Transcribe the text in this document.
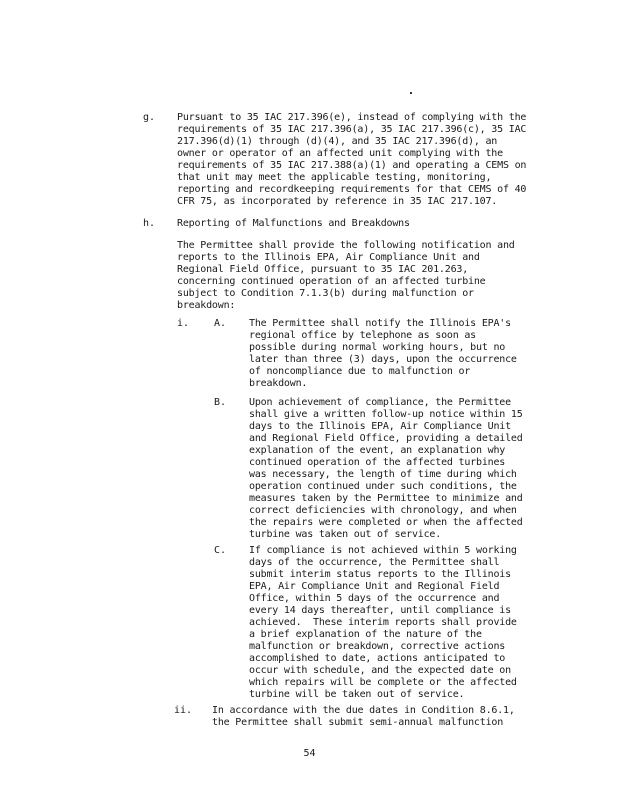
g. Pursuant to 35 IAC 217.396(e), instead of complying with the
requirements of 35 IAC 217.396(a), 35 IAC 217.396(c), 35 IAC
217.396(d)(1) through (d)(4), and 35 IAC 217.396(d), an
owner or operator of an affected unit complying with the
requirements of 35 IAC 217.388(a)(1) and operating a CEMS on
that unit may meet the applicable testing, monitoring,
reporting and recordkeeping requirements for that CEMS of 40
CFR 75, as incorporated by reference in 35 IAC 217.107.
h. Reporting of Malfunctions and Breakdowns
The Permittee shall provide the following notification and
reports to the Illinois EPA, Air Compliance Unit and
Regional Field Office, pursuant to 35 IAC 201.263,
concerning continued operation of an affected turbine
subject to Condition 7.1.3(b) during malfunction or
breakdown:
i. A. The Permittee shall notify the Illinois EPA's
regional office by telephone as soon as
possible during normal working hours, but no
later than three (3) days, upon the occurrence
of noncompliance due to malfunction or
breakdown.
B. Upon achievement of compliance, the Permittee
shall give a written follow-up notice within 15
days to the Illinois EPA, Air Compliance Unit
and Regional Field Office, providing a detailed
explanation of the event, an explanation why
continued operation of the affected turbines
was necessary, the length of time during which
operation continued under such conditions, the
measures taken by the Permittee to minimize and
correct deficiencies with chronology, and when
the repairs were completed or when the affected
turbine was taken out of service.
C. If compliance is not achieved within 5 working
days of the occurrence, the Permittee shall
submit interim status reports to the Illinois
EPA, Air Compliance Unit and Regional Field
Office, within 5 days of the occurrence and
every 14 days thereafter, until compliance is
achieved.  These interim reports shall provide
a brief explanation of the nature of the
malfunction or breakdown, corrective actions
accomplished to date, actions anticipated to
occur with schedule, and the expected date on
which repairs will be complete or the affected
turbine will be taken out of service.
ii. In accordance with the due dates in Condition 8.6.1,
the Permittee shall submit semi-annual malfunction
54
